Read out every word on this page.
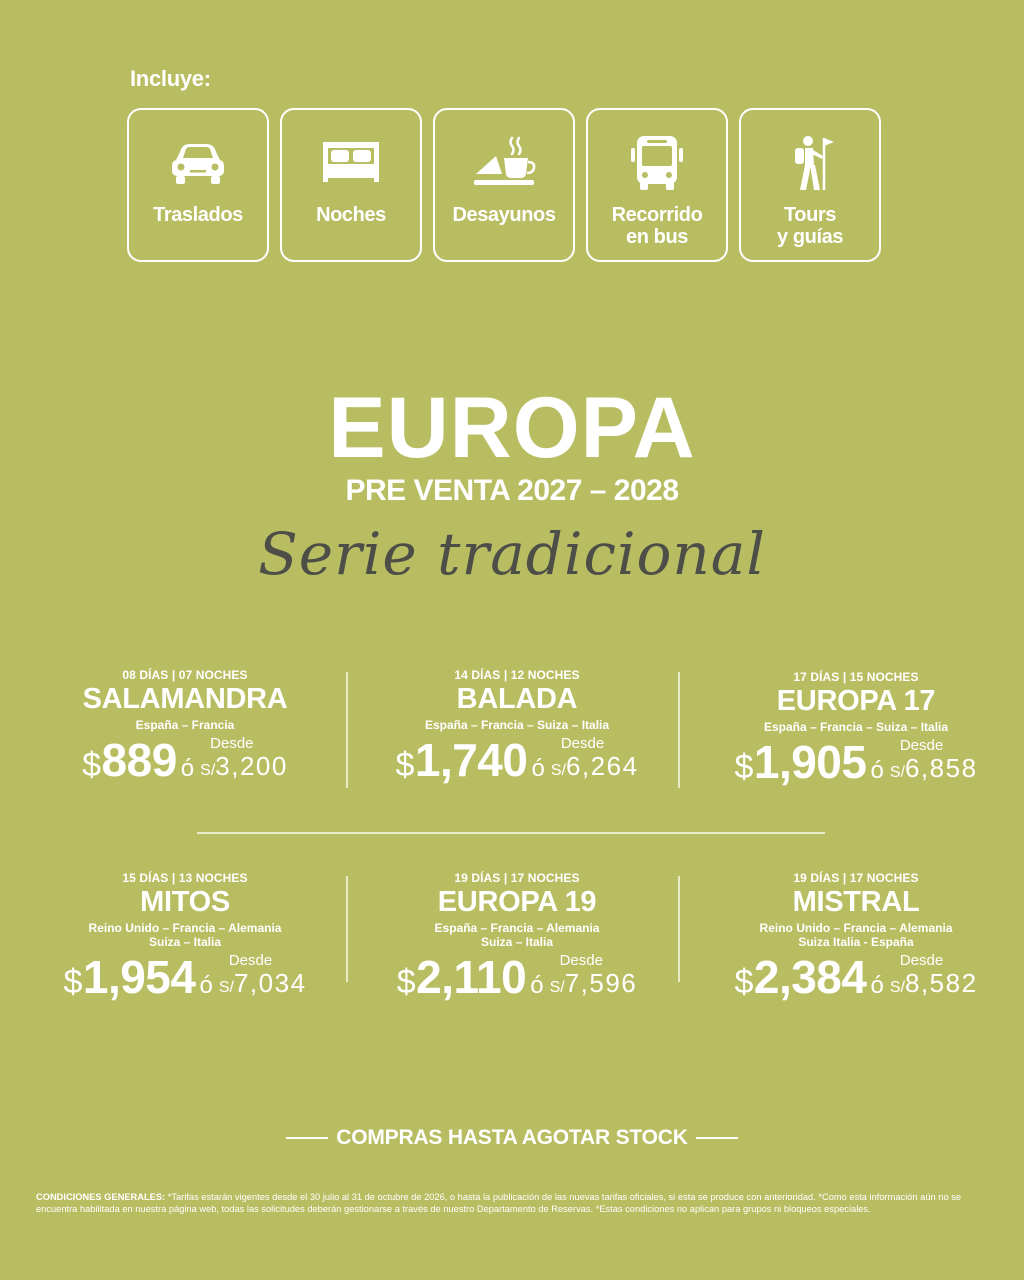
Incluye:
Traslados	Noches	Desayunos	Recorrido
en bus
Tours
y guías
EUROPA
PRE VENTA 2027 – 2028
Serie tradicional
08 DÍAS | 07 NOCHES
SALAMANDRA
España – Francia
$889 ó
Desde
S/3,200
14 DÍAS | 12 NOCHES
BALADA
España – Francia – Suiza – Italia
$1,740 ó
Desde
S/6,264
17 DÍAS | 15 NOCHES
EUROPA 17
España – Francia – Suiza – Italia
$1,905 ó
Desde
S/6,858
15 DÍAS | 13 NOCHES
MITOS
Reino Unido – Francia – Alemania
Suiza – Italia
$1,954 ó
Desde
S/7,034
19 DÍAS | 17 NOCHES
EUROPA 19
España – Francia – Alemania
Suiza – Italia
$2,110 ó
Desde
S/7,596
19 DÍAS | 17 NOCHES
MISTRAL
Reino Unido – Francia – Alemania
Suiza Italia - España
$2,384 ó
Desde
S/8,582
COMPRAS HASTA AGOTAR STOCK
CONDICIONES GENERALES: *Tarifas estarán vigentes desde el 30 julio al 31 de octubre de 2026, o hasta la publicación de las nuevas tarifas oficiales, si esta se produce con anterioridad. *Como esta información aún no se encuentra habilitada en nuestra página web, todas las solicitudes deberán gestionarse a través de nuestro Departamento de Reservas. *Estas condiciones no aplican para grupos ni bloqueos especiales.
